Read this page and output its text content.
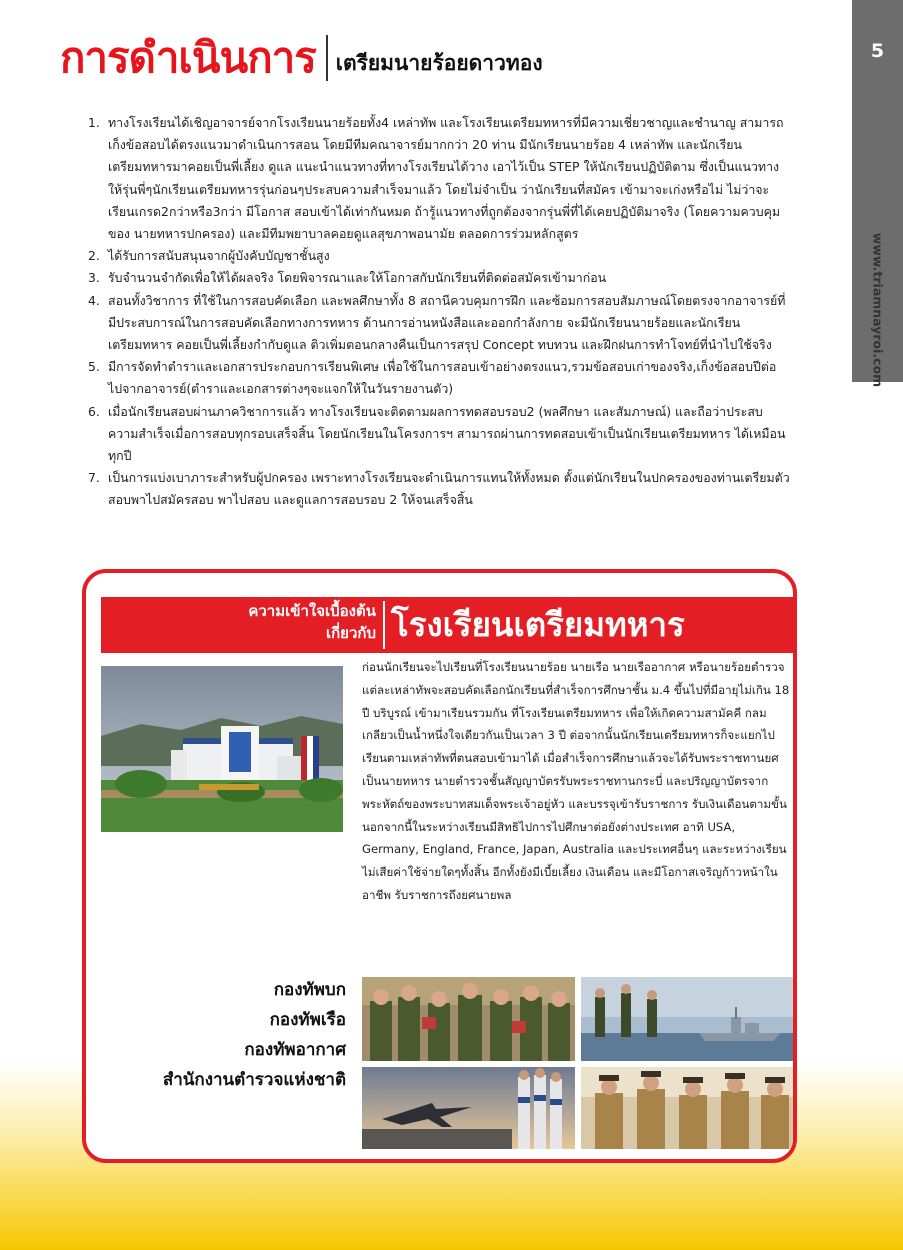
การดำเนินการ เตรียมนายร้อยดาวทอง	5
www.triamnayroi.com
1. ทางโรงเรียนได้เชิญอาจารย์จากโรงเรียนนายร้อยทั้ง4 เหล่าทัพ และโรงเรียนเตรียมทหารที่มีความเชี่ยวชาญและชำนาญ สามารถเก็งข้อสอบได้ตรงแนวมาดำเนินการสอน โดยมีทีมคณาจารย์มากกว่า 20 ท่าน มีนักเรียนนายร้อย 4 เหล่าทัพ และนักเรียนเตรียมทหารมาคอยเป็นพี่เลี้ยง ดูแล แนะนำแนวทางที่ทางโรงเรียนได้วาง เอาไว้เป็น STEP ให้นักเรียนปฏิบัติตาม ซึ่งเป็นแนวทางให้รุ่นพี่ๆนักเรียนเตรียมทหารรุ่นก่อนๆประสบความสำเร็จมาแล้ว โดยไม่จำเป็น ว่านักเรียนที่สมัคร เข้ามาจะเก่งหรือไม่ ไม่ว่าจะเรียนเกรด2กว่าหรือ3กว่า มีโอกาส สอบเข้าได้เท่ากันหมด ถ้ารู้แนวทางที่ถูกต้องจากรุ่นพี่ที่ได้เคยปฏิบัติมาจริง (โดยความควบคุม ของ นายทหารปกครอง) และมีทีมพยาบาลคอยดูแลสุขภาพอนามัย ตลอดการร่วมหลักสูตร
2. ได้รับการสนับสนุนจากผู้บังคับบัญชาชั้นสูง
3. รับจำนวนจำกัดเพื่อให้ได้ผลจริง โดยพิจารณาและให้โอกาสกับนักเรียนที่ติดต่อสมัครเข้ามาก่อน
4. สอนทั้งวิชาการ ที่ใช้ในการสอบคัดเลือก และพลศึกษาทั้ง 8 สถานีควบคุมการฝึก และซ้อมการสอบสัมภาษณ์โดยตรงจากอาจารย์ที่มีประสบการณ์ในการสอบคัดเลือกทางการทหาร ด้านการอ่านหนังสือและออกกำลังกาย จะมีนักเรียนนายร้อยและนักเรียนเตรียมทหาร คอยเป็นพี่เลี้ยงกำกับดูแล ติวเพิ่มตอนกลางคืนเป็นการสรุป Concept ทบทวน และฝึกฝนการทำโจทย์ที่นำไปใช้จริง
5. มีการจัดทำตำราและเอกสารประกอบการเรียนพิเศษ เพื่อใช้ในการสอบเข้าอย่างตรงแนว,รวมข้อสอบเก่าของจริง,เก็งข้อสอบปีต่อไปจากอาจารย์(ตำราและเอกสารต่างๆจะแจกให้ในวันรายงานตัว)
6. เมื่อนักเรียนสอบผ่านภาควิชาการแล้ว ทางโรงเรียนจะติดตามผลการทดสอบรอบ2 (พลศึกษา และสัมภาษณ์) และถือว่าประสบความสำเร็จเมื่อการสอบทุกรอบเสร็จสิ้น โดยนักเรียนในโครงการฯ สามารถผ่านการทดสอบเข้าเป็นนักเรียนเตรียมทหาร ได้เหมือนทุกปี
7. เป็นการแบ่งเบาภาระสำหรับผู้ปกครอง เพราะทางโรงเรียนจะดำเนินการแทนให้ทั้งหมด ตั้งแต่นักเรียนในปกครองของท่านเตรียมตัวสอบพาไปสมัครสอบ พาไปสอบ และดูแลการสอบรอบ 2 ให้จนเสร็จสิ้น
ความเข้าใจเบื้องต้น
เกี่ยวกับ โรงเรียนเตรียมทหาร

ก่อนนักเรียนจะไปเรียนที่โรงเรียนนายร้อย นายเรือ นายเรืออากาศ หรือนายร้อยตำรวจ แต่ละเหล่าทัพจะสอบคัดเลือกนักเรียนที่สำเร็จการศึกษาชั้น ม.4 ขึ้นไปที่มีอายุไม่เกิน 18 ปี บริบูรณ์ เข้ามาเรียนรวมกัน ที่โรงเรียนเตรียมทหาร เพื่อให้เกิดความสามัคคี กลมเกลียวเป็นน้ำหนึ่งใจเดียวกันเป็นเวลา 3 ปี ต่อจากนั้นนักเรียนเตรียมทหารก็จะแยกไปเรียนตามเหล่าทัพที่ตนสอบเข้ามาได้ เมื่อสำเร็จการศึกษาแล้วจะได้รับพระราชทานยศ เป็นนายทหาร นายตำรวจชั้นสัญญาบัตรรับพระราชทานกระบี่ และปริญญาบัตรจากพระหัตถ์ของพระบาทสมเด็จพระเจ้าอยู่หัว และบรรจุเข้ารับราชการ รับเงินเดือนตามขั้น นอกจากนี้ในระหว่างเรียนมีสิทธิไปการไปศึกษาต่อยังต่างประเทศ อาทิ USA, Germany, England, France, Japan, Australia และประเทศอื่นๆ และระหว่างเรียนไม่เสียค่าใช้จ่ายใดๆทั้งสิ้น อีกทั้งยังมีเบี้ยเลี้ยง เงินเดือน และมีโอกาสเจริญก้าวหน้าในอาชีพ รับราชการถึงยศนายพล

กองทัพบก
กองทัพเรือ
กองทัพอากาศ
สำนักงานตำรวจแห่งชาติ
